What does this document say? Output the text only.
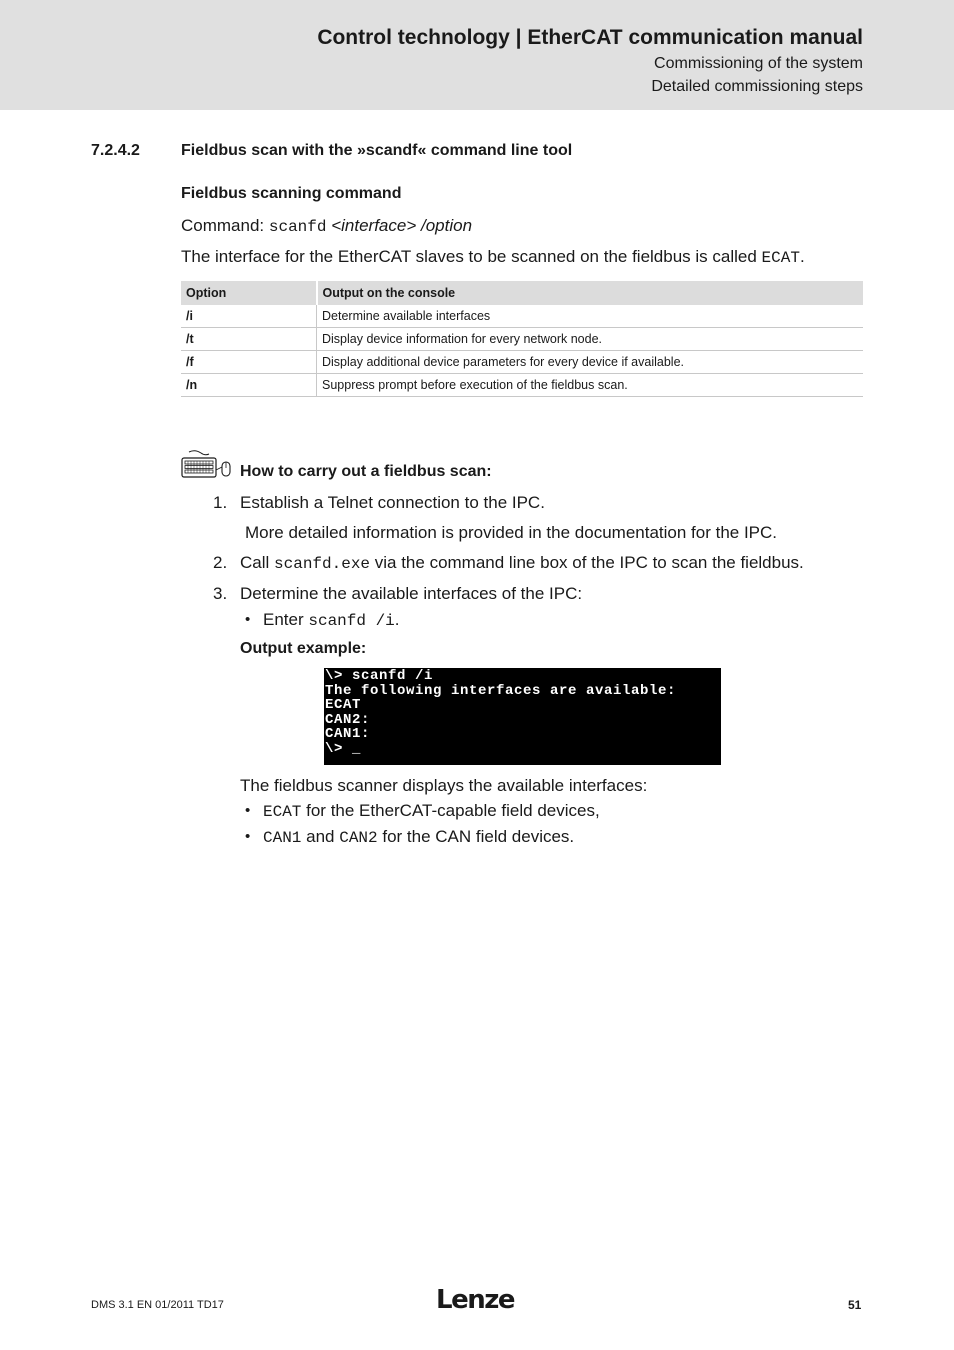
Control technology | EtherCAT communication manual
Commissioning of the system
Detailed commissioning steps
7.2.4.2	Fieldbus scan with the »scandf« command line tool
Fieldbus scanning command
Command: scanfd <interface> /option
The interface for the EtherCAT slaves to be scanned on the fieldbus is called ECAT.
Option	Output on the console
/i	Determine available interfaces
/t	Display device information for every network node.
/f	Display additional device parameters for every device if available.
/n	Suppress prompt before execution of the fieldbus scan.
How to carry out a fieldbus scan:
1. Establish a Telnet connection to the IPC.
More detailed information is provided in the documentation for the IPC.
2. Call scanfd.exe via the command line box of the IPC to scan the fieldbus.
3. Determine the available interfaces of the IPC:
• Enter scanfd /i.
Output example:
\> scanfd /i
The following interfaces are available:
ECAT
CAN2:
CAN1:
\> _
The fieldbus scanner displays the available interfaces:
• ECAT for the EtherCAT-capable field devices,
• CAN1 and CAN2 for the CAN field devices.
DMS 3.1 EN 01/2011 TD17	Lenze	51
